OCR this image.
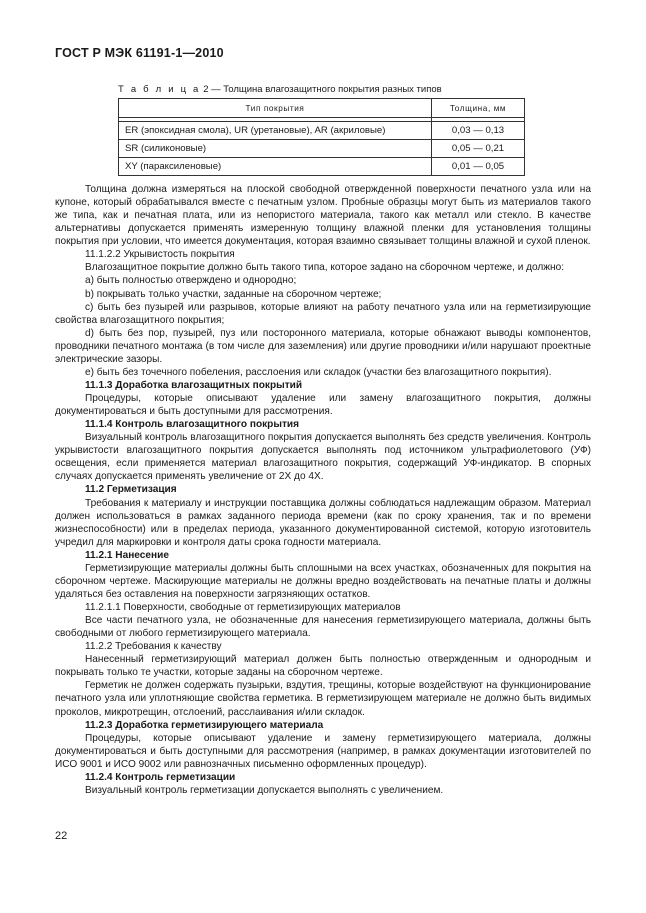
ГОСТ Р МЭК 61191-1—2010
Т а б л и ц а 2 — Толщина влагозащитного покрытия разных типов
Тип покрытия	Толщина, мм

ER (эпоксидная смола), UR (уретановые), AR (акриловые)	0,03 — 0,13
SR (силиконовые)	0,05 — 0,21
XY (параксиленовые)	0,01 — 0,05

Толщина должна измеряться на плоской свободной отвержденной поверхности печатного узла или на купоне, который обрабатывался вместе с печатным узлом. Пробные образцы могут быть из материалов такого же типа, как и печатная плата, или из непористого материала, такого как металл или стекло. В качестве альтернативы допускается применять измеренную толщину влажной пленки для установления толщины покрытия при условии, что имеется документация, которая взаимно связывает толщины влажной и сухой пленок.

11.1.2.2 Укрывистость покрытия

Влагозащитное покрытие должно быть такого типа, которое задано на сборочном чертеже, и должно:

а) быть полностью отверждено и однородно;

b) покрывать только участки, заданные на сборочном чертеже;

c) быть без пузырей или разрывов, которые влияют на работу печатного узла или на герметизирующие свойства влагозащитного покрытия;

d) быть без пор, пузырей, пуз или посторонного материала, которые обнажают выводы компонентов, проводники печатного монтажа (в том числе для заземления) или другие проводники и/или нарушают проектные электрические зазоры.

е) быть без точечного побеления, расслоения или складок (участки без влагозащитного покрытия).

11.1.3 Доработка влагозащитных покрытий

Процедуры, которые описывают удаление или замену влагозащитного покрытия, должны документироваться и быть доступными для рассмотрения.

11.1.4 Контроль влагозащитного покрытия

Визуальный контроль влагозащитного покрытия допускается выполнять без средств увеличения. Контроль укрывистости влагозащитного покрытия допускается выполнять под источником ультрафиолетового (УФ) освещения, если применяется материал влагозащитного покрытия, содержащий УФ-индикатор. В спорных случаях допускается применять увеличение от 2X до 4X.

11.2 Герметизация

Требования к материалу и инструкции поставщика должны соблюдаться надлежащим образом. Материал должен использоваться в рамках заданного периода времени (как по сроку хранения, так и по времени жизнеспособности) или в пределах периода, указанного документированной системой, которую изготовитель учредил для маркировки и контроля даты срока годности материала.

11.2.1 Нанесение

Герметизирующие материалы должны быть сплошными на всех участках, обозначенных для покрытия на сборочном чертеже. Маскирующие материалы не должны вредно воздействовать на печатные платы и должны удаляться без оставления на поверхности загрязняющих остатков.

11.2.1.1 Поверхности, свободные от герметизирующих материалов

Все части печатного узла, не обозначенные для нанесения герметизирующего материала, должны быть свободными от любого герметизирующего материала.

11.2.2 Требования к качеству

Нанесенный герметизирующий материал должен быть полностью отвержденным и однородным и покрывать только те участки, которые заданы на сборочном чертеже.

Герметик не должен содержать пузырьки, вздутия, трещины, которые воздействуют на функционирование печатного узла или уплотняющие свойства герметика. В герметизирующем материале не должно быть видимых проколов, микротрещин, отслоений, расслаивания и/или складок.

11.2.3 Доработка герметизирующего материала

Процедуры, которые описывают удаление и замену герметизирующего материала, должны документироваться и быть доступными для рассмотрения (например, в рамках документации изготовителей по ИСО 9001 и ИСО 9002 или равнозначных письменно оформленных процедур).

11.2.4 Контроль герметизации

Визуальный контроль герметизации допускается выполнять с увеличением.

22
